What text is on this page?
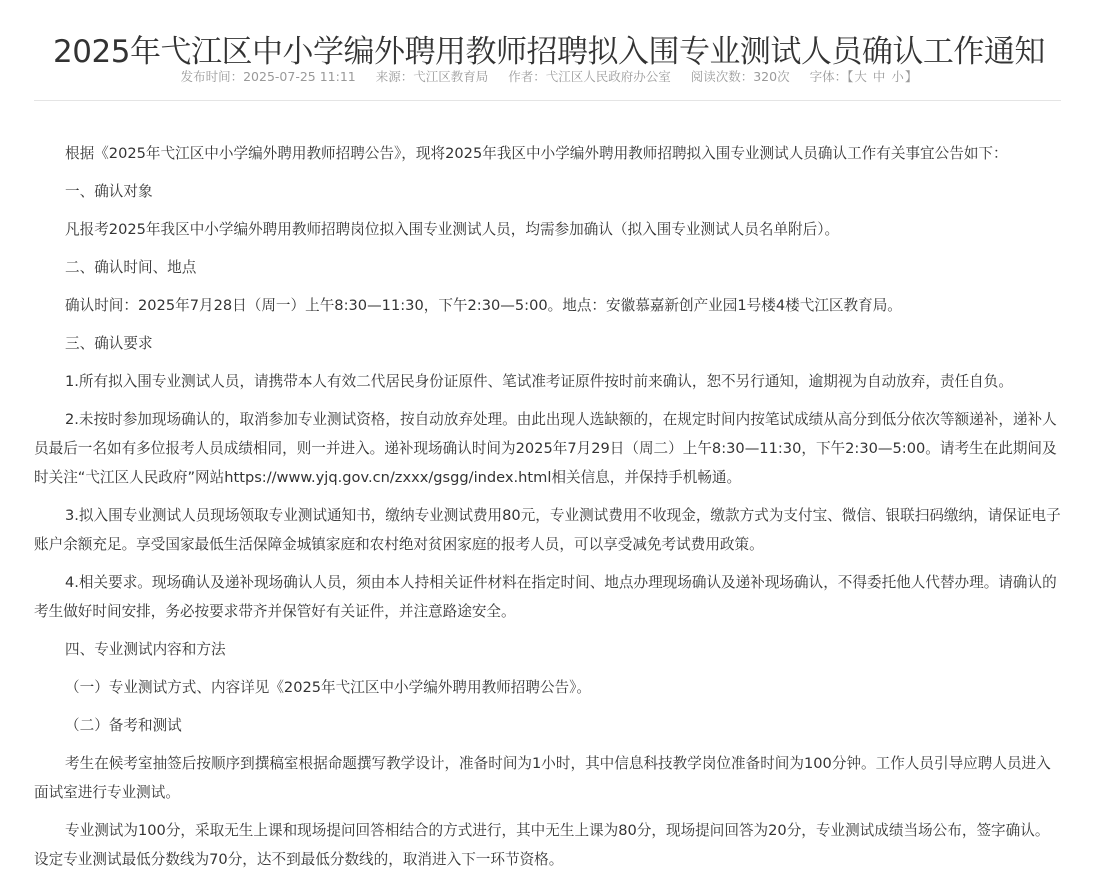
2025年弋江区中小学编外聘用教师招聘拟入围专业测试人员确认工作通知
发布时间：2025-07-25 11:11 来源：弋江区教育局 作者：弋江区人民政府办公室 阅读次数：320次 字体：【大 中 小】

根据《2025年弋江区中小学编外聘用教师招聘公告》，现将2025年我区中小学编外聘用教师招聘拟入围专业测试人员确认工作有关事宜公告如下：

一、确认对象

凡报考2025年我区中小学编外聘用教师招聘岗位拟入围专业测试人员，均需参加确认（拟入围专业测试人员名单附后）。

二、确认时间、地点

确认时间：2025年7月28日（周一）上午8:30—11:30，下午2:30—5:00。地点：安徽慕嘉新创产业园1号楼4楼弋江区教育局。

三、确认要求

1.所有拟入围专业测试人员，请携带本人有效二代居民身份证原件、笔试准考证原件按时前来确认，恕不另行通知，逾期视为自动放弃，责任自负。

2.未按时参加现场确认的，取消参加专业测试资格，按自动放弃处理。由此出现人选缺额的，在规定时间内按笔试成绩从高分到低分依次等额递补，递补人员最后一名如有多位报考人员成绩相同，则一并进入。递补现场确认时间为2025年7月29日（周二）上午8:30—11:30，下午2:30—5:00。请考生在此期间及时关注“弋江区人民政府”网站https://www.yjq.gov.cn/zxxx/gsgg/index.html相关信息，并保持手机畅通。

3.拟入围专业测试人员现场领取专业测试通知书，缴纳专业测试费用80元，专业测试费用不收现金，缴款方式为支付宝、微信、银联扫码缴纳，请保证电子账户余额充足。享受国家最低生活保障金城镇家庭和农村绝对贫困家庭的报考人员，可以享受减免考试费用政策。

4.相关要求。现场确认及递补现场确认人员，须由本人持相关证件材料在指定时间、地点办理现场确认及递补现场确认，不得委托他人代替办理。请确认的考生做好时间安排，务必按要求带齐并保管好有关证件，并注意路途安全。

四、专业测试内容和方法

（一）专业测试方式、内容详见《2025年弋江区中小学编外聘用教师招聘公告》。

（二）备考和测试

考生在候考室抽签后按顺序到撰稿室根据命题撰写教学设计，准备时间为1小时，其中信息科技教学岗位准备时间为100分钟。工作人员引导应聘人员进入面试室进行专业测试。

专业测试为100分，采取无生上课和现场提问回答相结合的方式进行，其中无生上课为80分，现场提问回答为20分，专业测试成绩当场公布，签字确认。设定专业测试最低分数线为70分，达不到最低分数线的，取消进入下一环节资格。
